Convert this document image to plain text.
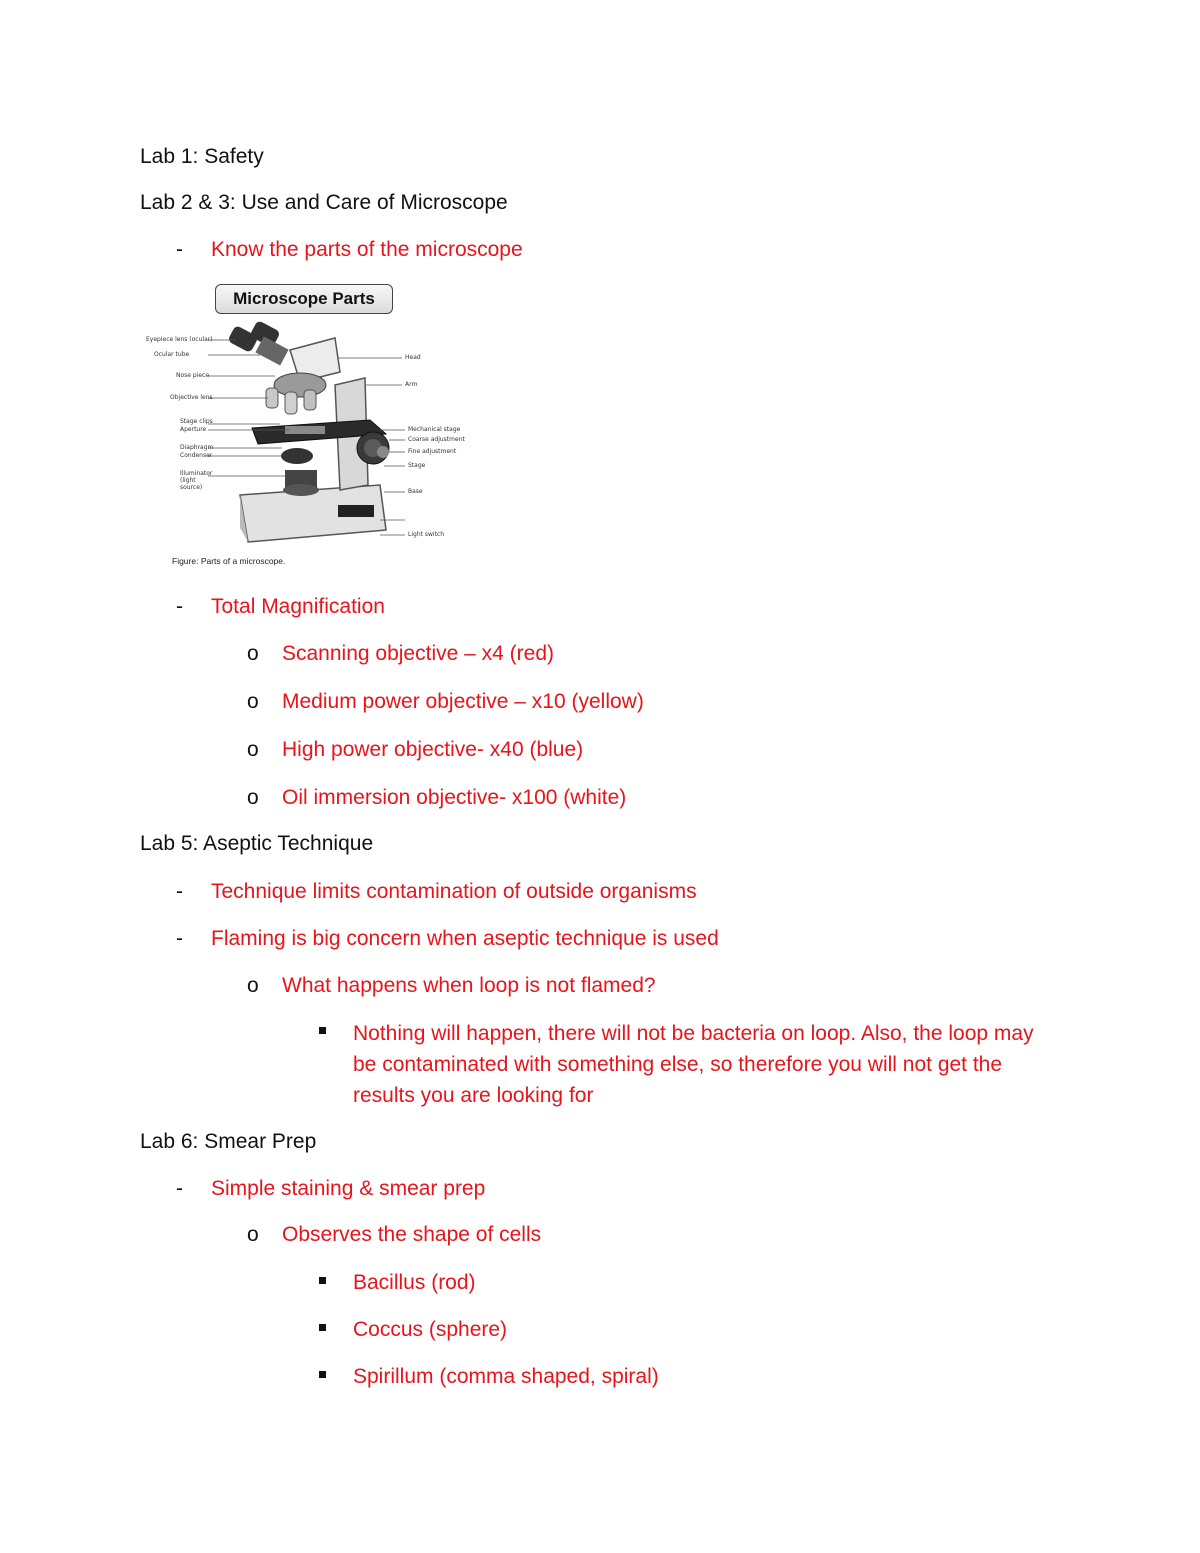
Lab 1: Safety
Lab 2 & 3: Use and Care of Microscope
- Know the parts of the microscope
Microscope Parts
Eyepiece lens (ocular)
Ocular tube
Nose piece
Objective lens
Stage clips
Aperture
Diaphragm
Condenser
Illuminator (light source)
Head
Arm
Mechanical stage
Coarse adjustment
Fine adjustment
Stage
Base
Light switch
Figure: Parts of a microscope.
- Total Magnification
o Scanning objective – x4 (red)
o Medium power objective – x10 (yellow)
o High power objective- x40 (blue)
o Oil immersion objective- x100 (white)
Lab 5: Aseptic Technique
- Technique limits contamination of outside organisms
- Flaming is big concern when aseptic technique is used
o What happens when loop is not flamed?
Nothing will happen, there will not be bacteria on loop. Also, the loop may be contaminated with something else, so therefore you will not get the results you are looking for
Lab 6: Smear Prep
- Simple staining & smear prep
o Observes the shape of cells
Bacillus (rod)
Coccus (sphere)
Spirillum (comma shaped, spiral)
